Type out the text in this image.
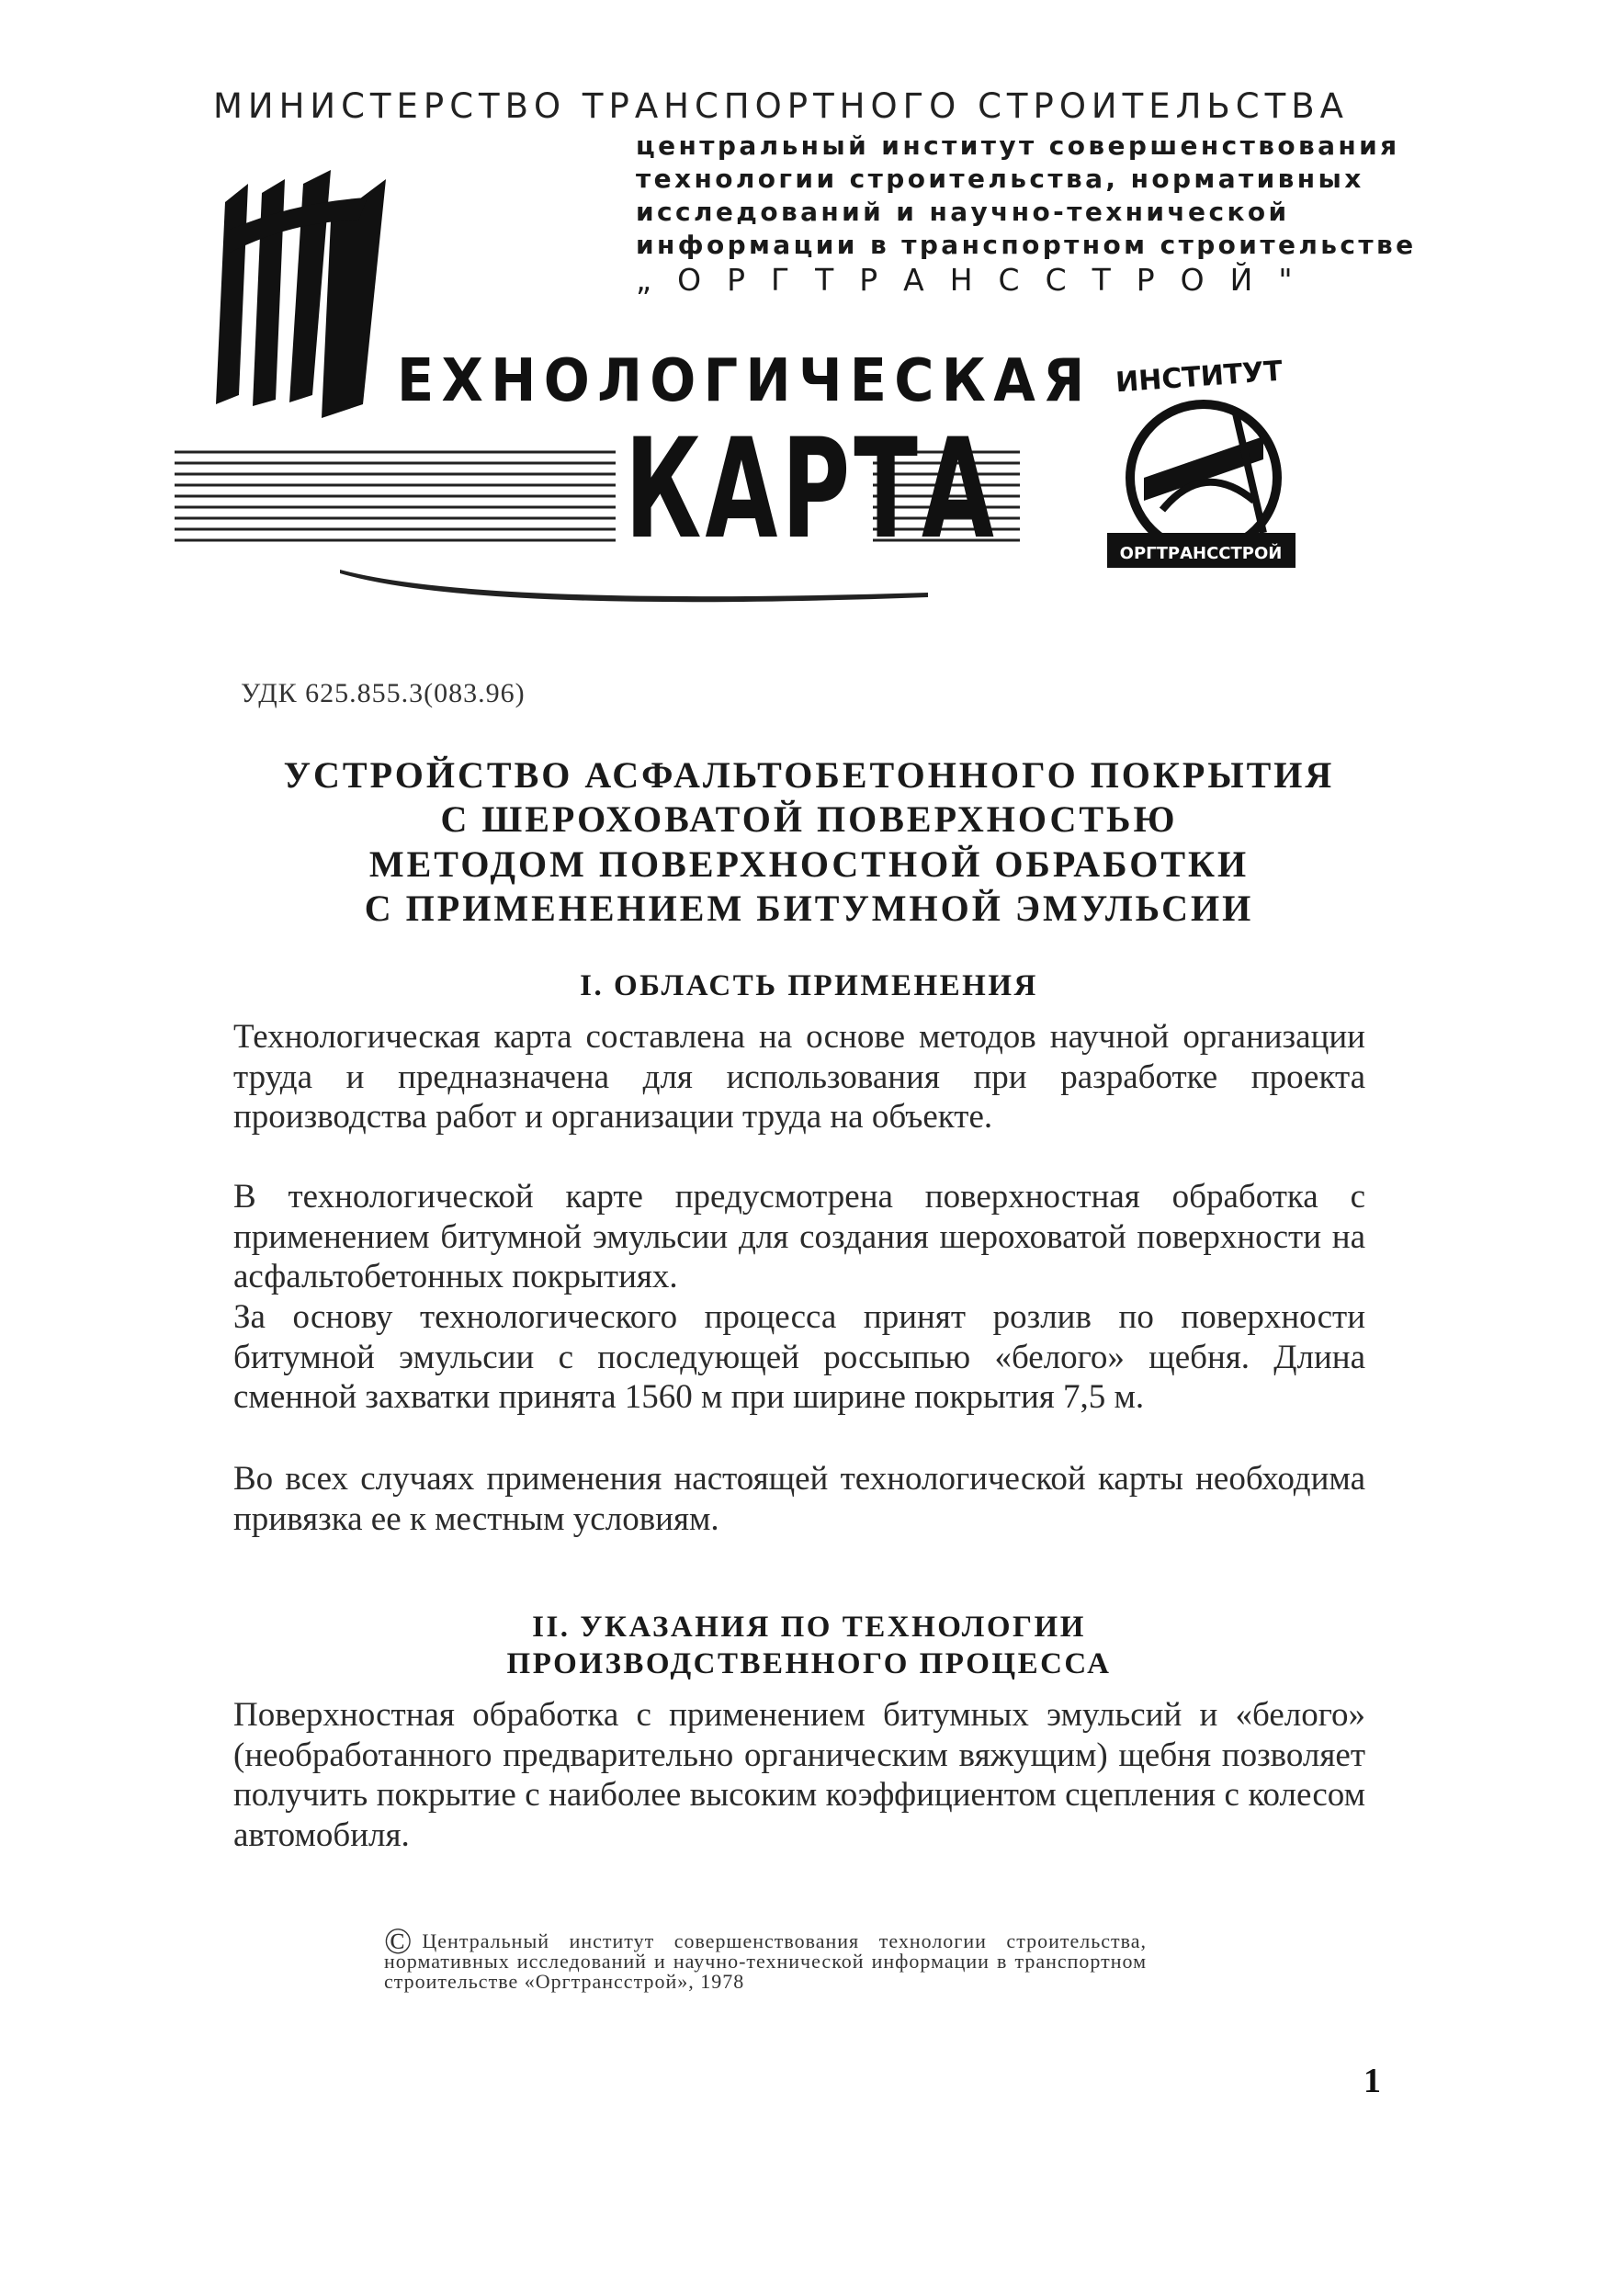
МИНИСТЕРСТВО ТРАНСПОРТНОГО СТРОИТЕЛЬСТВА
центральный институт совершенствования
технологии строительства, нормативных
исследований и научно-технической
информации в транспортном строительстве
„ОРГТРАНССТРОЙ"
ЕХНОЛОГИЧЕСКАЯ
КАРТА
ИНСТИТУТ
ОРГТРАНССТРОЙ
УДК 625.855.3(083.96)
УСТРОЙСТВО АСФАЛЬТОБЕТОННОГО ПОКРЫТИЯ
С ШЕРОХОВАТОЙ ПОВЕРХНОСТЬЮ
МЕТОДОМ ПОВЕРХНОСТНОЙ ОБРАБОТКИ
С ПРИМЕНЕНИЕМ БИТУМНОЙ ЭМУЛЬСИИ
I. ОБЛАСТЬ ПРИМЕНЕНИЯ

Технологическая карта составлена на основе методов научной организации труда и предназначена для использования при разработке проекта производства работ и организации труда на объекте.

В технологической карте предусмотрена поверхностная обработка с применением битумной эмульсии для создания шероховатой поверхности на асфальтобетонных покрытиях.

За основу технологического процесса принят розлив по поверхности битумной эмульсии с последующей россыпью «белого» щебня. Длина сменной захватки принята 1560 м при ширине покрытия 7,5 м.

Во всех случаях применения настоящей технологической карты необходима привязка ее к местным условиям.

II. УКАЗАНИЯ ПО ТЕХНОЛОГИИ
ПРОИЗВОДСТВЕННОГО ПРОЦЕССА

Поверхностная обработка с применением битумных эмульсий и «белого» (необработанного предварительно органическим вяжущим) щебня позволяет получить покрытие с наиболее высоким коэффициентом сцепления с колесом автомобиля.

© Центральный институт совершенствования технологии строительства, нормативных исследований и научно-технической информации в транспортном строительстве «Оргтрансстрой», 1978
1
